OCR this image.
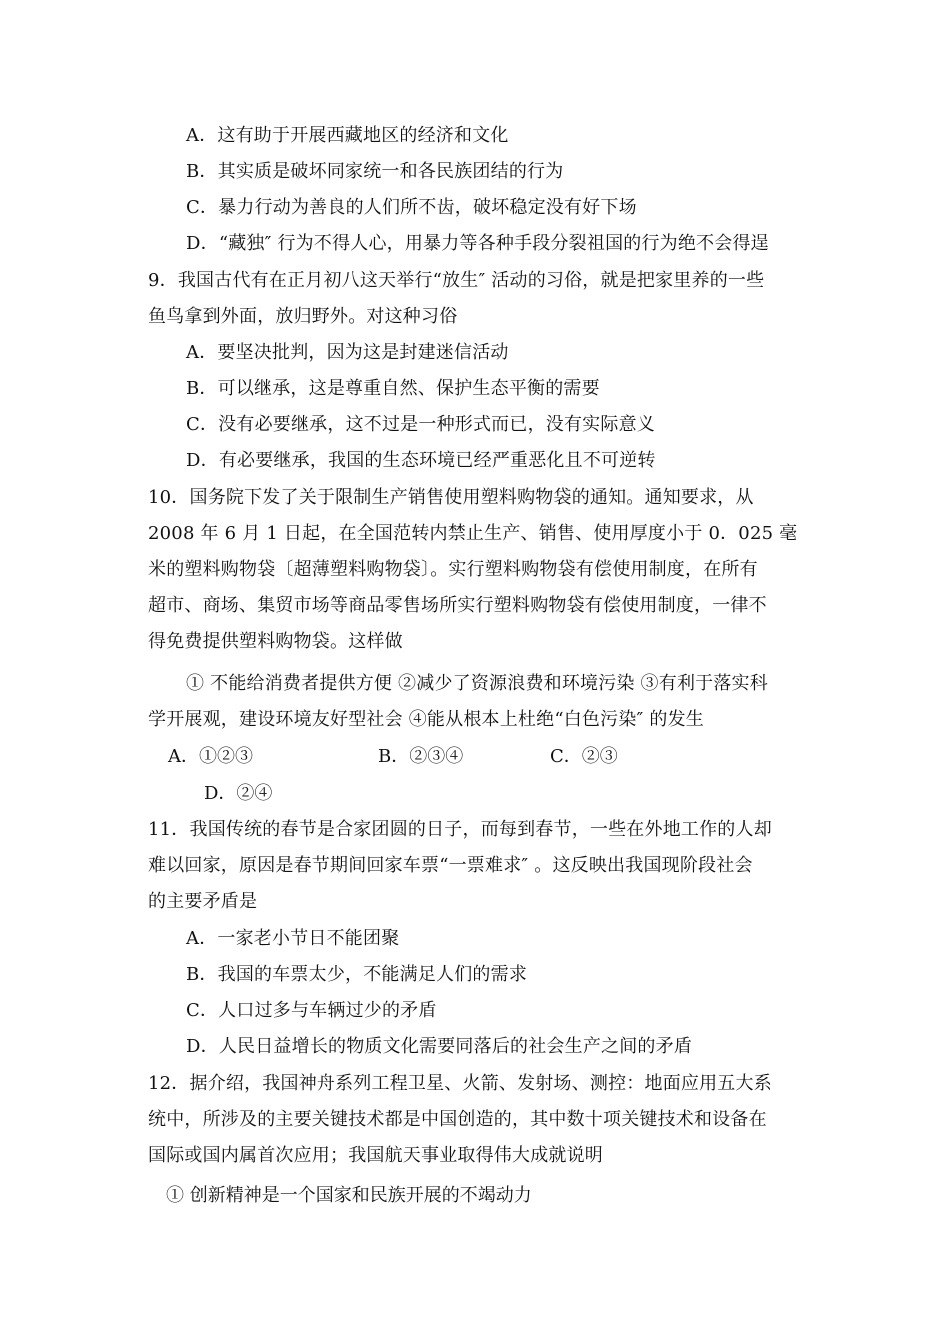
A．这有助于开展西藏地区的经济和文化
B．其实质是破坏同家统一和各民族团结的行为
C．暴力行动为善良的人们所不齿，破坏稳定没有好下场
D．“藏独″ 行为不得人心，用暴力等各种手段分裂祖国的行为绝不会得逞
9．我国古代有在正月初八这天举行“放生″ 活动的习俗，就是把家里养的一些
鱼鸟拿到外面，放归野外。对这种习俗
A．要坚决批判，因为这是封建迷信活动
B．可以继承，这是尊重自然、保护生态平衡的需要
C．没有必要继承，这不过是一种形式而已，没有实际意义
D．有必要继承，我国的生态环境已经严重恶化且不可逆转
10．国务院下发了关于限制生产销售使用塑料购物袋的通知。通知要求，从
2008 年 6 月 1 日起，在全国范转内禁止生产、销售、使用厚度小于 0．025 毫
米的塑料购物袋〔超薄塑料购物袋〕。实行塑料购物袋有偿使用制度，在所有
超市、商场、集贸市场等商品零售场所实行塑料购物袋有偿使用制度，一律不
得免费提供塑料购物袋。这样做
① 不能给消费者提供方便 ②减少了资源浪费和环境污染 ③有利于落实科
学开展观，建设环境友好型社会 ④能从根本上杜绝“白色污染″ 的发生
A．①②③	B．②③④	C．②③
D．②④
11．我国传统的春节是合家团圆的日子，而每到春节，一些在外地工作的人却
难以回家，原因是春节期间回家车票“一票难求″ 。这反映出我国现阶段社会
的主要矛盾是
A．一家老小节日不能团聚
B．我国的车票太少，不能满足人们的需求
C．人口过多与车辆过少的矛盾
D．人民日益增长的物质文化需要同落后的社会生产之间的矛盾
12．据介绍，我国神舟系列工程卫星、火箭、发射场、测控：地面应用五大系
统中，所涉及的主要关键技术都是中国创造的，其中数十项关键技术和设备在
国际或国内属首次应用；我国航天事业取得伟大成就说明
① 创新精神是一个国家和民族开展的不竭动力
